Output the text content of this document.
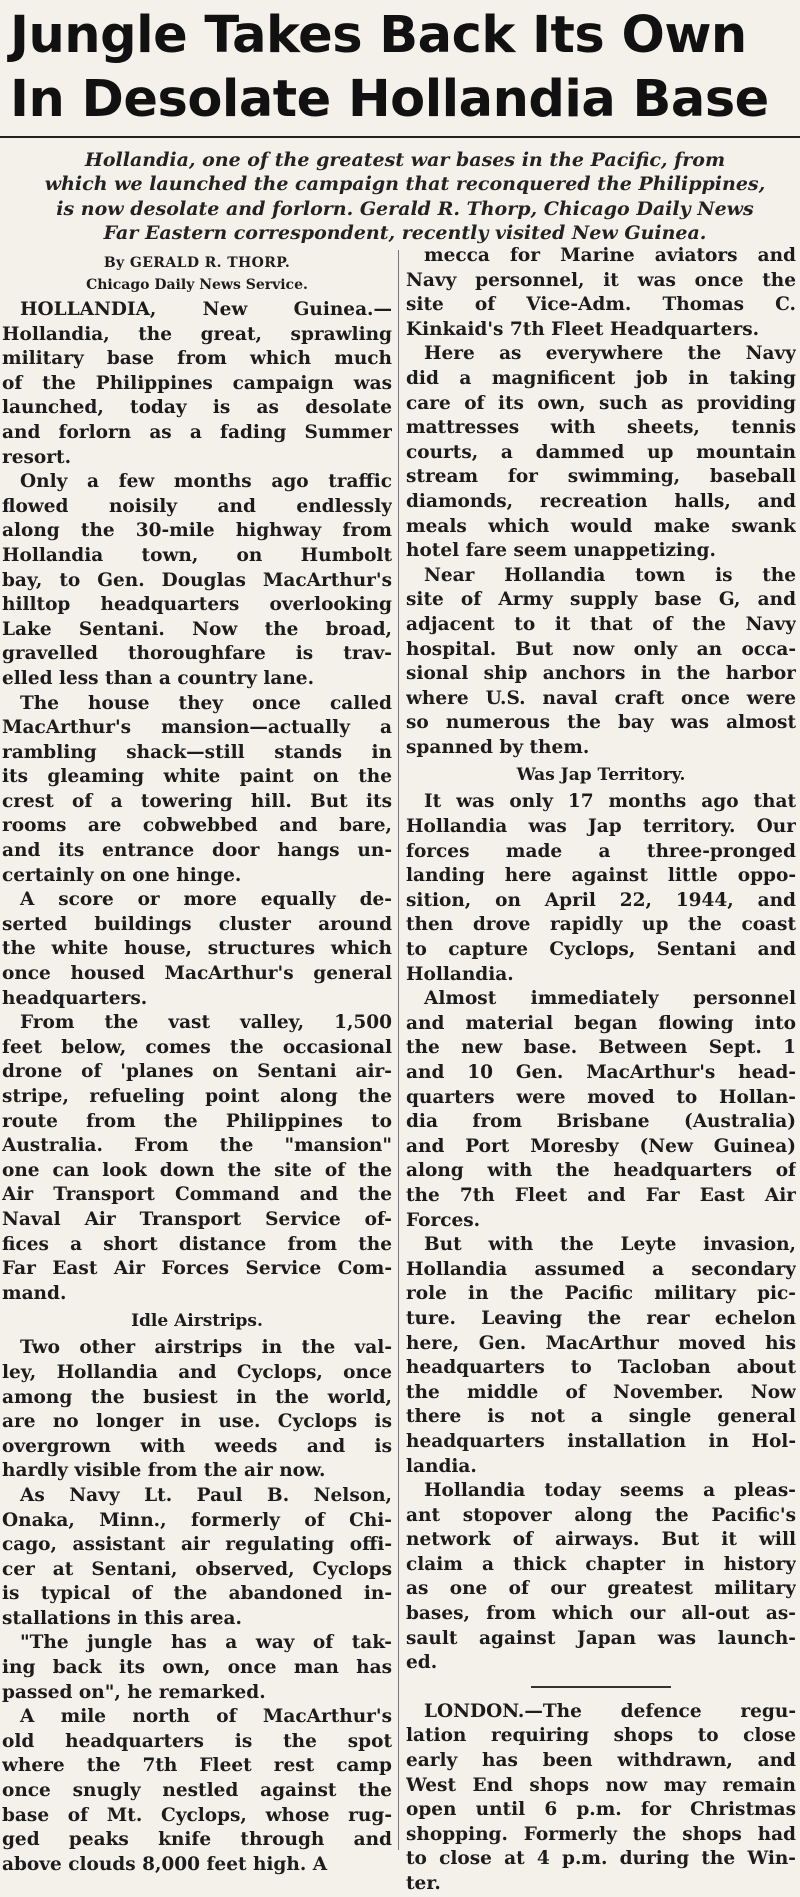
Jungle Takes Back Its Own
In Desolate Hollandia Base
Hollandia, one of the greatest war bases in the Pacific, from
which we launched the campaign that reconquered the Philippines,
is now desolate and forlorn. Gerald R. Thorp, Chicago Daily News
Far Eastern correspondent, recently visited New Guinea.
By GERALD R. THORP.
Chicago Daily News Service.
HOLLANDIA, New Guinea.—
Hollandia, the great, sprawling
military base from which much
of the Philippines campaign was
launched, today is as desolate
and forlorn as a fading Summer
resort.
Only a few months ago traffic
flowed noisily and endlessly
along the 30-mile highway from
Hollandia town, on Humbolt
bay, to Gen. Douglas MacArthur's
hilltop headquarters overlooking
Lake Sentani. Now the broad,
gravelled thoroughfare is trav-
elled less than a country lane.
The house they once called
MacArthur's mansion—actually a
rambling shack—still stands in
its gleaming white paint on the
crest of a towering hill. But its
rooms are cobwebbed and bare,
and its entrance door hangs un-
certainly on one hinge.
A score or more equally de-
serted buildings cluster around
the white house, structures which
once housed MacArthur's general
headquarters.
From the vast valley, 1,500
feet below, comes the occasional
drone of 'planes on Sentani air-
stripe, refueling point along the
route from the Philippines to
Australia. From the "mansion"
one can look down the site of the
Air Transport Command and the
Naval Air Transport Service of-
fices a short distance from the
Far East Air Forces Service Com-
mand.
Idle Airstrips.
Two other airstrips in the val-
ley, Hollandia and Cyclops, once
among the busiest in the world,
are no longer in use. Cyclops is
overgrown with weeds and is
hardly visible from the air now.
As Navy Lt. Paul B. Nelson,
Onaka, Minn., formerly of Chi-
cago, assistant air regulating offi-
cer at Sentani, observed, Cyclops
is typical of the abandoned in-
stallations in this area.
"The jungle has a way of tak-
ing back its own, once man has
passed on", he remarked.
A mile north of MacArthur's
old headquarters is the spot
where the 7th Fleet rest camp
once snugly nestled against the
base of Mt. Cyclops, whose rug-
ged peaks knife through and
above clouds 8,000 feet high. A
mecca for Marine aviators and
Navy personnel, it was once the
site of Vice-Adm. Thomas C.
Kinkaid's 7th Fleet Headquarters.
Here as everywhere the Navy
did a magnificent job in taking
care of its own, such as providing
mattresses with sheets, tennis
courts, a dammed up mountain
stream for swimming, baseball
diamonds, recreation halls, and
meals which would make swank
hotel fare seem unappetizing.
Near Hollandia town is the
site of Army supply base G, and
adjacent to it that of the Navy
hospital. But now only an occa-
sional ship anchors in the harbor
where U.S. naval craft once were
so numerous the bay was almost
spanned by them.
Was Jap Territory.
It was only 17 months ago that
Hollandia was Jap territory. Our
forces made a three-pronged
landing here against little oppo-
sition, on April 22, 1944, and
then drove rapidly up the coast
to capture Cyclops, Sentani and
Hollandia.
Almost immediately personnel
and material began flowing into
the new base. Between Sept. 1
and 10 Gen. MacArthur's head-
quarters were moved to Hollan-
dia from Brisbane (Australia)
and Port Moresby (New Guinea)
along with the headquarters of
the 7th Fleet and Far East Air
Forces.
But with the Leyte invasion,
Hollandia assumed a secondary
role in the Pacific military pic-
ture. Leaving the rear echelon
here, Gen. MacArthur moved his
headquarters to Tacloban about
the middle of November. Now
there is not a single general
headquarters installation in Hol-
landia.
Hollandia today seems a pleas-
ant stopover along the Pacific's
network of airways. But it will
claim a thick chapter in history
as one of our greatest military
bases, from which our all-out as-
sault against Japan was launch-
ed.
LONDON.—The defence regu-
lation requiring shops to close
early has been withdrawn, and
West End shops now may remain
open until 6 p.m. for Christmas
shopping. Formerly the shops had
to close at 4 p.m. during the Win-
ter.
